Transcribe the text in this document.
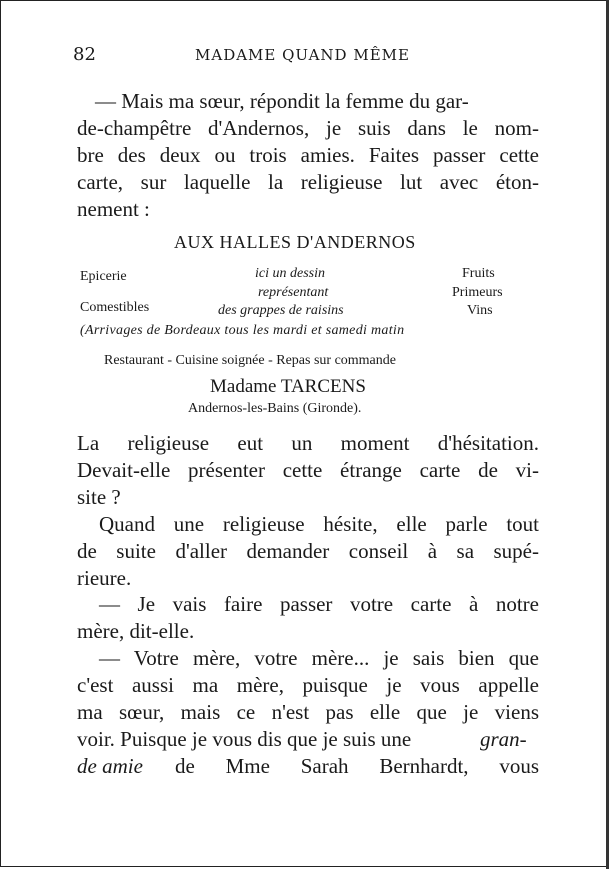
82	MADAME QUAND MÊME
— Mais ma sœur, répondit la femme du gar-
de-champêtre d'Andernos, je suis dans le nom-
bre des deux ou trois amies. Faites passer cette
carte, sur laquelle la religieuse lut avec éton-
nement :
AUX HALLES D'ANDERNOS
Epicerie
Comestibles
ici un dessin
représentant
des grappes de raisins
Fruits
Primeurs
Vins
(Arrivages de Bordeaux tous les mardi et samedi matin
Restaurant - Cuisine soignée - Repas sur commande
Madame TARCENS
Andernos-les-Bains (Gironde).
La religieuse eut un moment d'hésitation.
Devait-elle présenter cette étrange carte de vi-
site ?
Quand une religieuse hésite, elle parle tout
de suite d'aller demander conseil à sa supé-
rieure.
— Je vais faire passer votre carte à notre
mère, dit-elle.
— Votre mère, votre mère... je sais bien que
c'est aussi ma mère, puisque je vous appelle
ma sœur, mais ce n'est pas elle que je viens
voir. Puisque je vous dis que je suis une	gran-
de amie de Mme Sarah Bernhardt, vous
